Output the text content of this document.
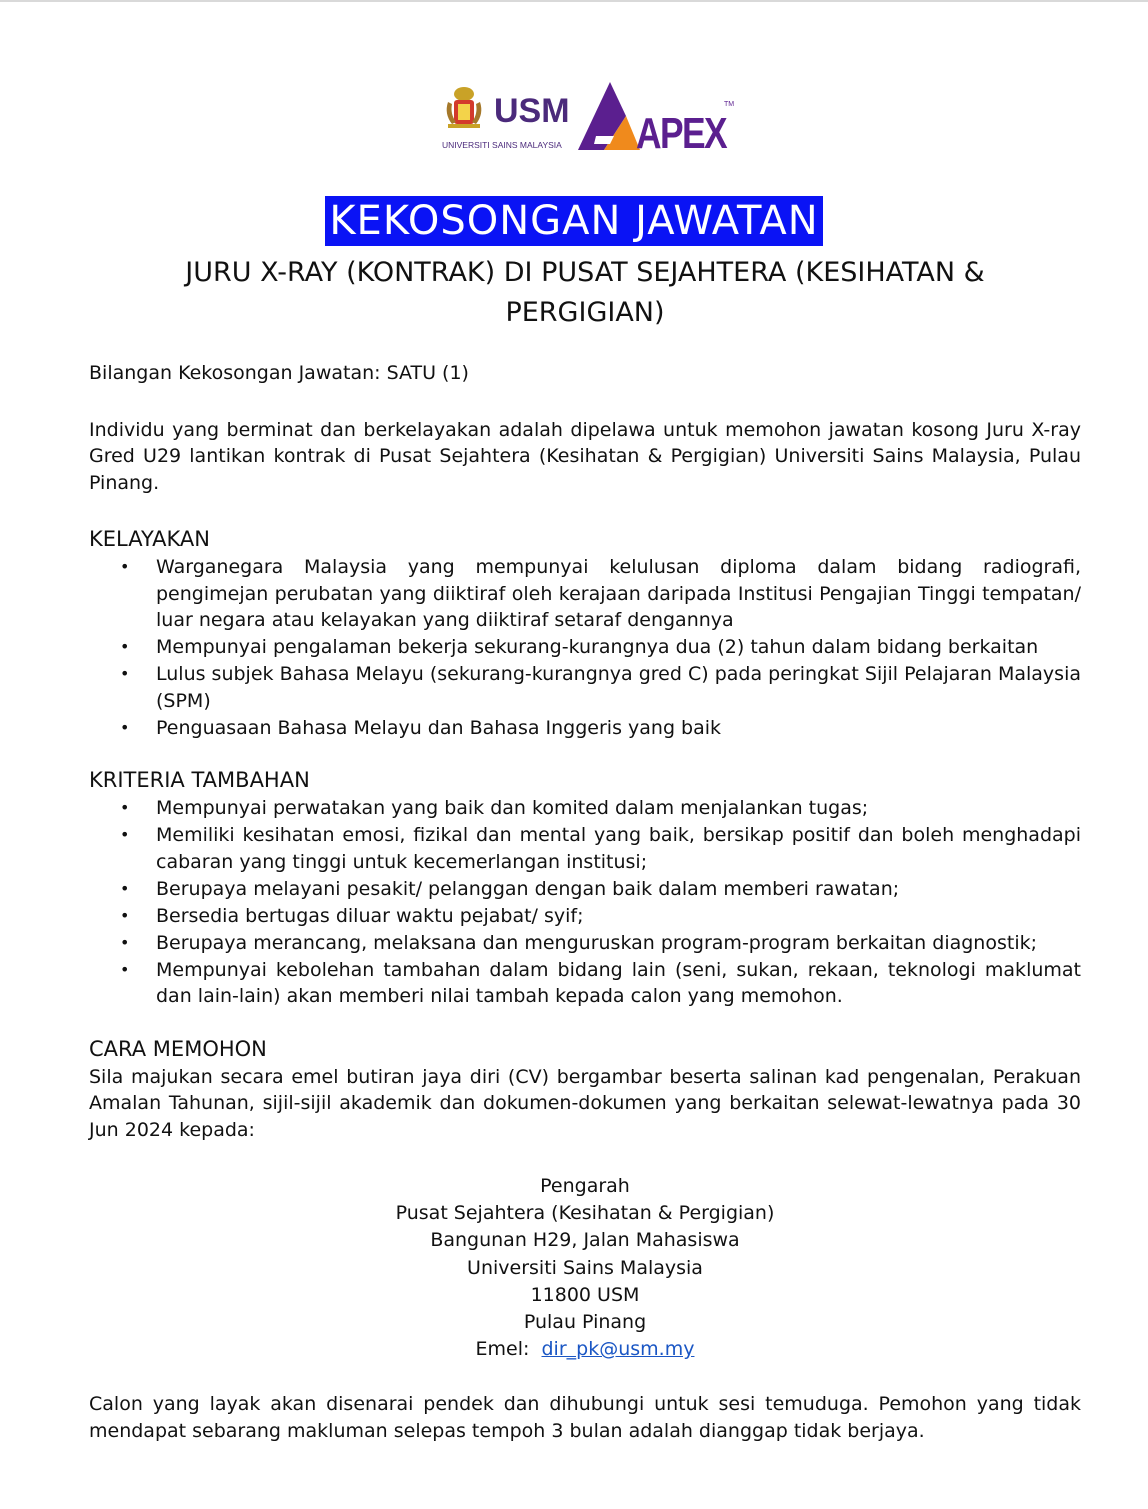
USM
UNIVERSITI SAINS MALAYSIA APEX
TM
KEKOSONGAN JAWATAN
JURU X-RAY (KONTRAK) DI PUSAT SEJAHTERA (KESIHATAN & PERGIGIAN)

Bilangan Kekosongan Jawatan: SATU (1)

Individu yang berminat dan berkelayakan adalah dipelawa untuk memohon jawatan kosong Juru X-ray Gred U29 lantikan kontrak di Pusat Sejahtera (Kesihatan & Pergigian) Universiti Sains Malaysia, Pulau Pinang.

KELAYAKAN
• Warganegara Malaysia yang mempunyai kelulusan diploma dalam bidang radiografi, pengimejan perubatan yang diiktiraf oleh kerajaan daripada Institusi Pengajian Tinggi tempatan/ luar negara atau kelayakan yang diiktiraf setaraf dengannya
• Mempunyai pengalaman bekerja sekurang-kurangnya dua (2) tahun dalam bidang berkaitan
• Lulus subjek Bahasa Melayu (sekurang-kurangnya gred C) pada peringkat Sijil Pelajaran Malaysia (SPM)
• Penguasaan Bahasa Melayu dan Bahasa Inggeris yang baik
KRITERIA TAMBAHAN
• Mempunyai perwatakan yang baik dan komited dalam menjalankan tugas;
• Memiliki kesihatan emosi, fizikal dan mental yang baik, bersikap positif dan boleh menghadapi cabaran yang tinggi untuk kecemerlangan institusi;
• Berupaya melayani pesakit/ pelanggan dengan baik dalam memberi rawatan;
• Bersedia bertugas diluar waktu pejabat/ syif;
• Berupaya merancang, melaksana dan menguruskan program-program berkaitan diagnostik;
• Mempunyai kebolehan tambahan dalam bidang lain (seni, sukan, rekaan, teknologi maklumat dan lain-lain) akan memberi nilai tambah kepada calon yang memohon.
CARA MEMOHON

Sila majukan secara emel butiran jaya diri (CV) bergambar beserta salinan kad pengenalan, Perakuan Amalan Tahunan, sijil-sijil akademik dan dokumen-dokumen yang berkaitan selewat-lewatnya pada 30 Jun 2024 kepada:

Pengarah
Pusat Sejahtera (Kesihatan & Pergigian)
Bangunan H29, Jalan Mahasiswa
Universiti Sains Malaysia
11800 USM
Pulau Pinang
Emel: dir_pk@usm.my

Calon yang layak akan disenarai pendek dan dihubungi untuk sesi temuduga. Pemohon yang tidak mendapat sebarang makluman selepas tempoh 3 bulan adalah dianggap tidak berjaya.
